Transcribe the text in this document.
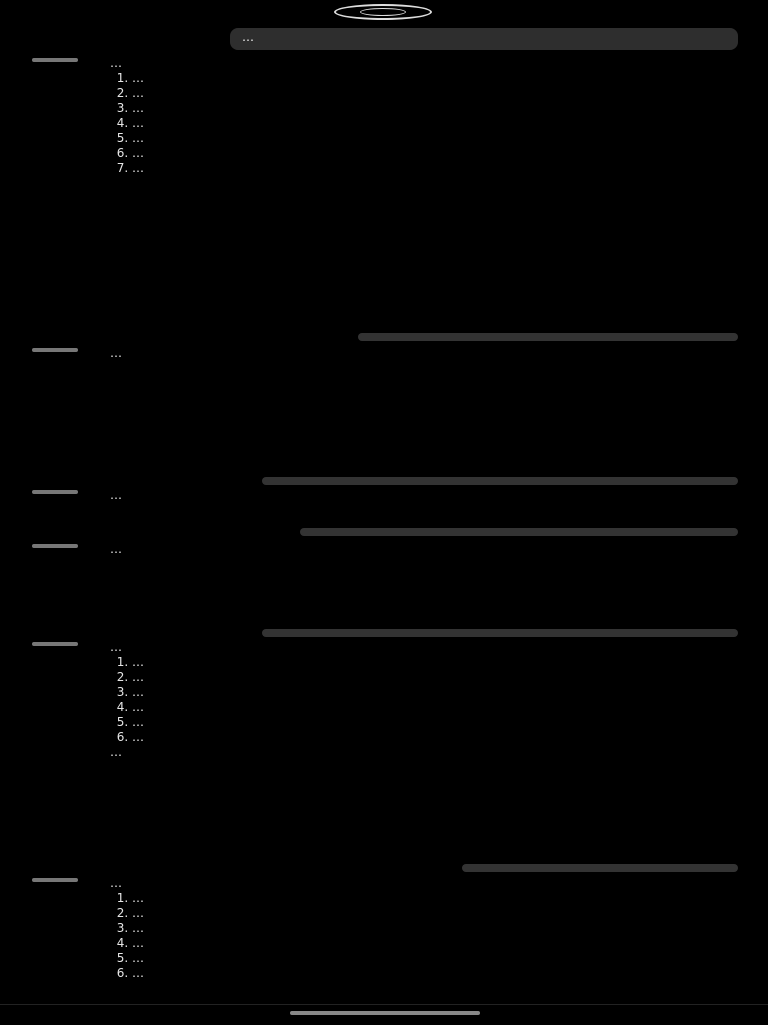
…

…

1. …
2. …
3. …
4. …
5. …
6. …
7. …

…

…

…

…

1. …
2. …
3. …
4. …
5. …
6. …

…

…

1. …
2. …
3. …
4. …
5. …
6. …
